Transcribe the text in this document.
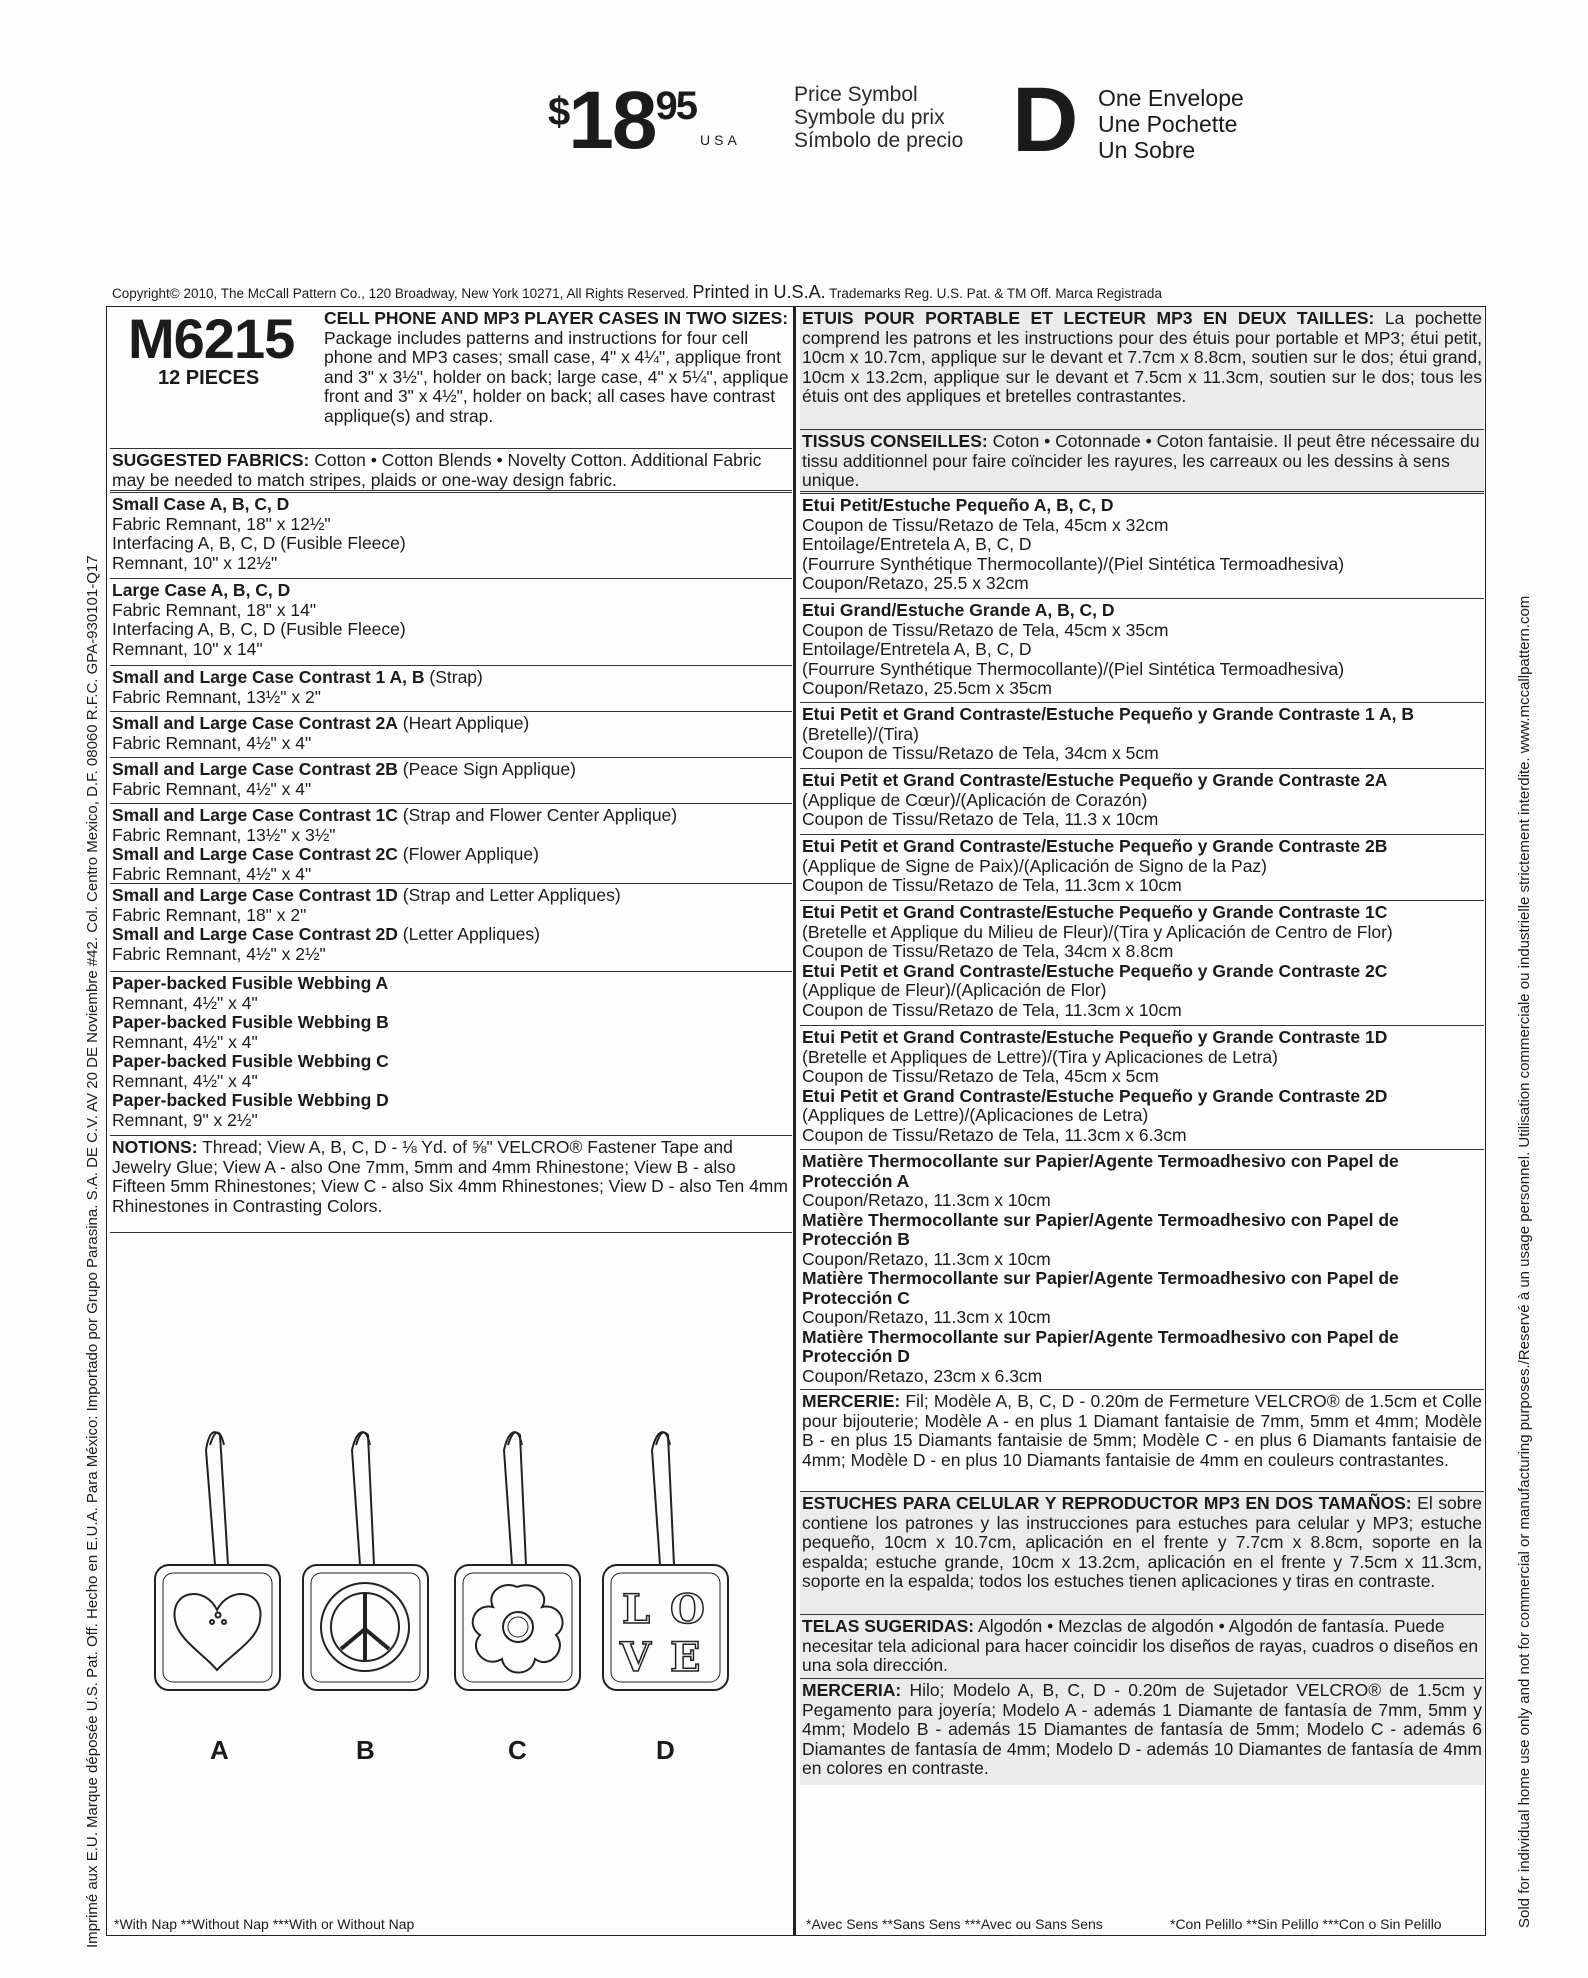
$^{\$}18^{95}$
USA
Price Symbol
Symbole du prix
Símbolo de precio D One Envelope
Une Pochette
Un Sobre
Copyright© 2010, The McCall Pattern Co., 120 Broadway, New York 10271, All Rights Reserved. Printed in U.S.A. Trademarks Reg. U.S. Pat. & TM Off. Marca Registrada
M6215
12 PIECES
CELL PHONE AND MP3 PLAYER CASES IN TWO SIZES: Package includes patterns and instructions for four cell phone and MP3 cases; small case, 4" x 4¼", applique front and 3" x 3½", holder on back; large case, 4" x 5¼", applique front and 3" x 4½", holder on back; all cases have contrast applique(s) and strap.
SUGGESTED FABRICS: Cotton • Cotton Blends • Novelty Cotton. Additional Fabric may be needed to match stripes, plaids or one-way design fabric.
Small Case A, B, C, D
Fabric Remnant, 18" x 12½"
Interfacing A, B, C, D (Fusible Fleece)
Remnant, 10" x 12½"
Large Case A, B, C, D
Fabric Remnant, 18" x 14"
Interfacing A, B, C, D (Fusible Fleece)
Remnant, 10" x 14"
Small and Large Case Contrast 1 A, B (Strap)
Fabric Remnant, 13½" x 2"
Small and Large Case Contrast 2A (Heart Applique)
Fabric Remnant, 4½" x 4"
Small and Large Case Contrast 2B (Peace Sign Applique)
Fabric Remnant, 4½" x 4"
Small and Large Case Contrast 1C (Strap and Flower Center Applique)
Fabric Remnant, 13½" x 3½"
Small and Large Case Contrast 2C (Flower Applique)
Fabric Remnant, 4½" x 4"
Small and Large Case Contrast 1D (Strap and Letter Appliques)
Fabric Remnant, 18" x 2"
Small and Large Case Contrast 2D (Letter Appliques)
Fabric Remnant, 4½" x 2½"
Paper-backed Fusible Webbing A
Remnant, 4½" x 4"
Paper-backed Fusible Webbing B
Remnant, 4½" x 4"
Paper-backed Fusible Webbing C
Remnant, 4½" x 4"
Paper-backed Fusible Webbing D
Remnant, 9" x 2½"
NOTIONS: Thread; View A, B, C, D - ⅛ Yd. of ⅝" VELCRO® Fastener Tape and Jewelry Glue; View A - also One 7mm, 5mm and 4mm Rhinestone; View B - also Fifteen 5mm Rhinestones; View C - also Six 4mm Rhinestones; View D - also Ten 4mm Rhinestones in Contrasting Colors.
L O
V E
A	B	C	D
*With Nap **Without Nap ***With or Without Nap
ETUIS POUR PORTABLE ET LECTEUR MP3 EN DEUX TAILLES: La pochette comprend les patrons et les instructions pour des étuis pour portable et MP3; étui petit, 10cm x 10.7cm, applique sur le devant et 7.7cm x 8.8cm, soutien sur le dos; étui grand, 10cm x 13.2cm, applique sur le devant et 7.5cm x 11.3cm, soutien sur le dos; tous les étuis ont des appliques et bretelles contrastantes.
TISSUS CONSEILLES: Coton • Cotonnade • Coton fantaisie. Il peut être nécessaire du tissu additionnel pour faire coïncider les rayures, les carreaux ou les dessins à sens unique.
Etui Petit/Estuche Pequeño A, B, C, D
Coupon de Tissu/Retazo de Tela, 45cm x 32cm
Entoilage/Entretela A, B, C, D
(Fourrure Synthétique Thermocollante)/(Piel Sintética Termoadhesiva)
Coupon/Retazo, 25.5 x 32cm
Etui Grand/Estuche Grande A, B, C, D
Coupon de Tissu/Retazo de Tela, 45cm x 35cm
Entoilage/Entretela A, B, C, D
(Fourrure Synthétique Thermocollante)/(Piel Sintética Termoadhesiva)
Coupon/Retazo, 25.5cm x 35cm
Etui Petit et Grand Contraste/Estuche Pequeño y Grande Contraste 1 A, B
(Bretelle)/(Tira)
Coupon de Tissu/Retazo de Tela, 34cm x 5cm
Etui Petit et Grand Contraste/Estuche Pequeño y Grande Contraste 2A
(Applique de Cœur)/(Aplicación de Corazón)
Coupon de Tissu/Retazo de Tela, 11.3 x 10cm
Etui Petit et Grand Contraste/Estuche Pequeño y Grande Contraste 2B
(Applique de Signe de Paix)/(Aplicación de Signo de la Paz)
Coupon de Tissu/Retazo de Tela, 11.3cm x 10cm
Etui Petit et Grand Contraste/Estuche Pequeño y Grande Contraste 1C
(Bretelle et Applique du Milieu de Fleur)/(Tira y Aplicación de Centro de Flor)
Coupon de Tissu/Retazo de Tela, 34cm x 8.8cm
Etui Petit et Grand Contraste/Estuche Pequeño y Grande Contraste 2C
(Applique de Fleur)/(Aplicación de Flor)
Coupon de Tissu/Retazo de Tela, 11.3cm x 10cm
Etui Petit et Grand Contraste/Estuche Pequeño y Grande Contraste 1D
(Bretelle et Appliques de Lettre)/(Tira y Aplicaciones de Letra)
Coupon de Tissu/Retazo de Tela, 45cm x 5cm
Etui Petit et Grand Contraste/Estuche Pequeño y Grande Contraste 2D
(Appliques de Lettre)/(Aplicaciones de Letra)
Coupon de Tissu/Retazo de Tela, 11.3cm x 6.3cm
Matière Thermocollante sur Papier/Agente Termoadhesivo con Papel de Protección A
Coupon/Retazo, 11.3cm x 10cm
Matière Thermocollante sur Papier/Agente Termoadhesivo con Papel de Protección B
Coupon/Retazo, 11.3cm x 10cm
Matière Thermocollante sur Papier/Agente Termoadhesivo con Papel de Protección C
Coupon/Retazo, 11.3cm x 10cm
Matière Thermocollante sur Papier/Agente Termoadhesivo con Papel de Protección D
Coupon/Retazo, 23cm x 6.3cm
MERCERIE: Fil; Modèle A, B, C, D - 0.20m de Fermeture VELCRO® de 1.5cm et Colle pour bijouterie; Modèle A - en plus 1 Diamant fantaisie de 7mm, 5mm et 4mm; Modèle B - en plus 15 Diamants fantaisie de 5mm; Modèle C - en plus 6 Diamants fantaisie de 4mm; Modèle D - en plus 10 Diamants fantaisie de 4mm en couleurs contrastantes.
ESTUCHES PARA CELULAR Y REPRODUCTOR MP3 EN DOS TAMAÑOS: El sobre contiene los patrones y las instrucciones para estuches para celular y MP3; estuche pequeño, 10cm x 10.7cm, aplicación en el frente y 7.7cm x 8.8cm, soporte en la espalda; estuche grande, 10cm x 13.2cm, aplicación en el frente y 7.5cm x 11.3cm, soporte en la espalda; todos los estuches tienen aplicaciones y tiras en contraste.
TELAS SUGERIDAS: Algodón • Mezclas de algodón • Algodón de fantasía. Puede necesitar tela adicional para hacer coincidir los diseños de rayas, cuadros o diseños en una sola dirección.
MERCERIA: Hilo; Modelo A, B, C, D - 0.20m de Sujetador VELCRO® de 1.5cm y Pegamento para joyería; Modelo A - además 1 Diamante de fantasía de 7mm, 5mm y 4mm; Modelo B - además 15 Diamantes de fantasía de 5mm; Modelo C - además 6 Diamantes de fantasía de 4mm; Modelo D - además 10 Diamantes de fantasía de 4mm en colores en contraste.
*Avec Sens **Sans Sens ***Avec ou Sans Sens	*Con Pelillo **Sin Pelillo ***Con o Sin Pelillo
Imprimé aux E.U. Marque déposée U.S. Pat. Off. Hecho en E.U.A. Para México: Importado por Grupo Parasina. S.A. DE C.V. AV 20 DE Noviembre #42. Col. Centro Mexico, D.F. 08060 R.F.C. GPA-930101-Q17	Sold for individual home use only and not for commercial or manufacturing purposes./Reservé à un usage personnel. Utilisation commerciale ou industrielle strictement interdite. www.mccallpattern.com
